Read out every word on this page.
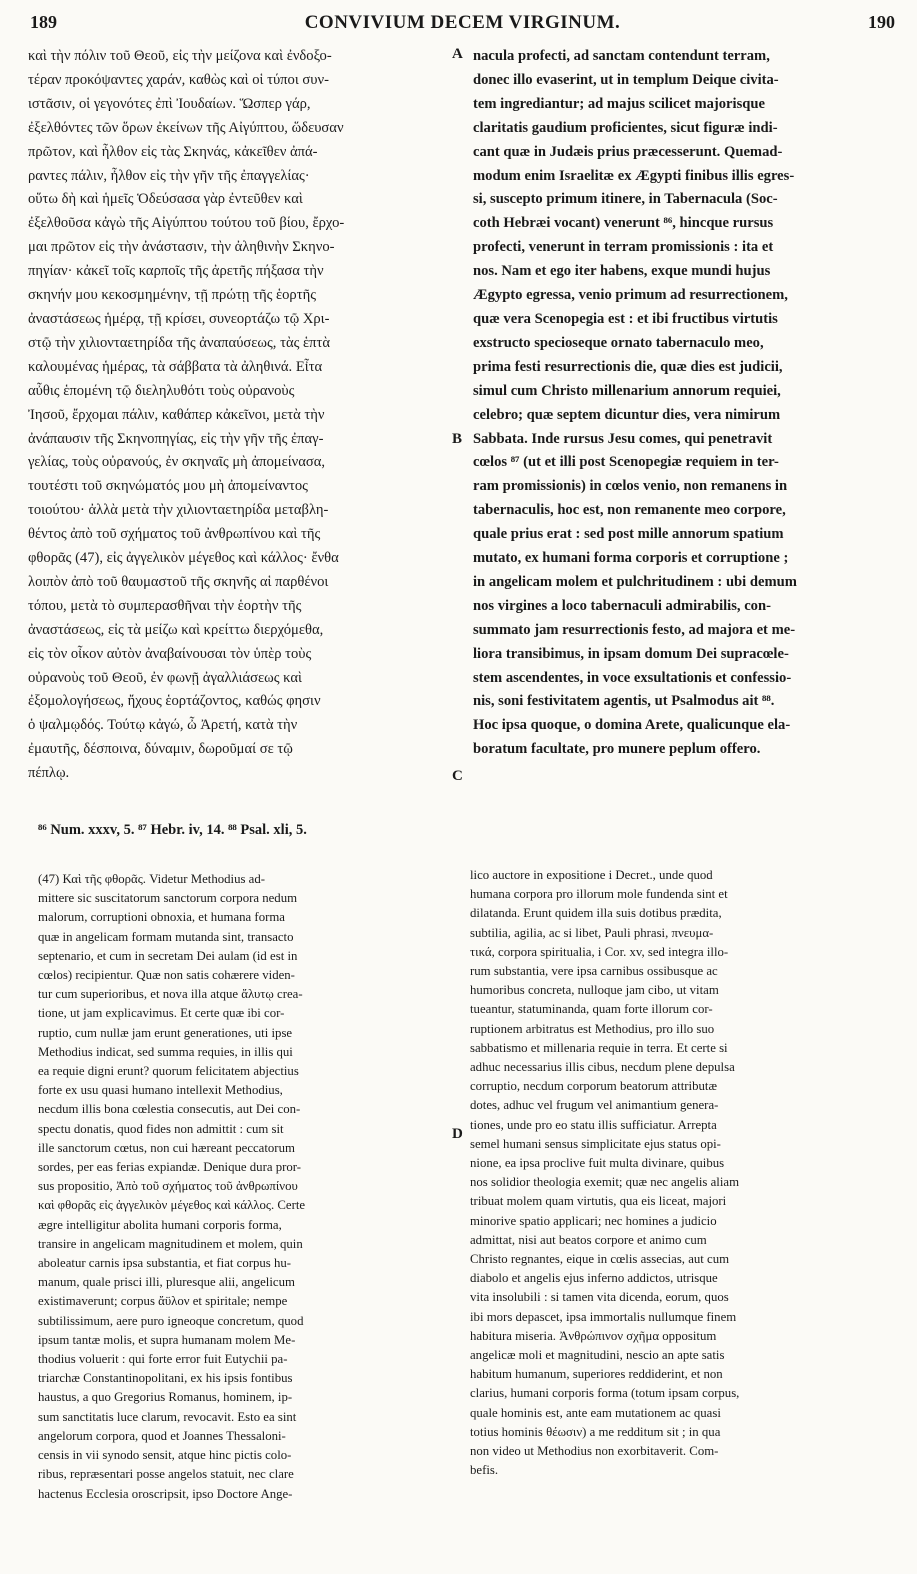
189	CONVIVIUM DECEM VIRGINUM.	190
καὶ τὴν πόλιν τοῦ Θεοῦ, εἰς τὴν μείζονα καὶ ἐνδοξο-
τέραν προκόψαντες χαράν, καθὼς καὶ οἱ τύποι συν-
ιστᾶσιν, οἱ γεγονότες ἐπὶ Ἰουδαίων. Ὥσπερ γάρ,
ἐξελθόντες τῶν ὅρων ἐκείνων τῆς Αἰγύπτου, ὥδευσαν
πρῶτον, καὶ ἦλθον εἰς τὰς Σκηνάς, κἀκεῖθεν ἀπά-
ραντες πάλιν, ἦλθον εἰς τὴν γῆν τῆς ἐπαγγελίας·
οὕτω δὴ καὶ ἡμεῖς Ὁδεύσασα γὰρ ἐντεῦθεν καὶ
ἐξελθοῦσα κἀγὼ τῆς Αἰγύπτου τούτου τοῦ βίου, ἔρχο-
μαι πρῶτον εἰς τὴν ἀνάστασιν, τὴν ἀληθινὴν Σκηνο-
πηγίαν· κἀκεῖ τοῖς καρποῖς τῆς ἀρετῆς πήξασα τὴν
σκηνήν μου κεκοσμημένην, τῇ πρώτῃ τῆς ἑορτῆς
ἀναστάσεως ἡμέρᾳ, τῇ κρίσει, συνεορτάζω τῷ Χρι-
στῷ τὴν χιλιονταετηρίδα τῆς ἀναπαύσεως, τὰς ἑπτὰ
καλουμένας ἡμέρας, τὰ σάββατα τὰ ἀληθινά. Εἶτα
αὖθις ἑπομένη τῷ διεληλυθότι τοὺς οὐρανοὺς
Ἰησοῦ, ἔρχομαι πάλιν, καθάπερ κἀκεῖνοι, μετὰ τὴν
ἀνάπαυσιν τῆς Σκηνοπηγίας, εἰς τὴν γῆν τῆς ἐπαγ-
γελίας, τοὺς οὐρανούς, ἐν σκηναῖς μὴ ἀπομείνασα,
τουτέστι τοῦ σκηνώματός μου μὴ ἀπομείναντος
τοιούτου· ἀλλὰ μετὰ τὴν χιλιονταετηρίδα μεταβλη-
θέντος ἀπὸ τοῦ σχήματος τοῦ ἀνθρωπίνου καὶ τῆς
φθορᾶς (47), εἰς ἀγγελικὸν μέγεθος καὶ κάλλος· ἔνθα
λοιπὸν ἀπὸ τοῦ θαυμαστοῦ τῆς σκηνῆς αἱ παρθένοι
τόπου, μετὰ τὸ συμπερασθῆναι τὴν ἑορτὴν τῆς
ἀναστάσεως, εἰς τὰ μείζω καὶ κρείττω διερχόμεθα,
εἰς τὸν οἶκον αὐτὸν ἀναβαίνουσαι τὸν ὑπὲρ τοὺς
οὐρανοὺς τοῦ Θεοῦ, ἐν φωνῇ ἀγαλλιάσεως καὶ
ἐξομολογήσεως, ἤχους ἑορτάζοντος, καθώς φησιν
ὁ ψαλμῳδός. Τούτῳ κἀγώ, ὦ Ἀρετή, κατὰ τὴν
ἐμαυτῆς, δέσποινα, δύναμιν, δωροῦμαί σε τῷ
πέπλῳ.
nacula profecti, ad sanctam contendunt terram,
donec illo evaserint, ut in templum Deique civita-
tem ingrediantur; ad majus scilicet majorisque
claritatis gaudium proficientes, sicut figuræ indi-
cant quæ in Judæis prius præcesserunt. Quemad-
modum enim Israelitæ ex Ægypti finibus illis egres-
si, suscepto primum itinere, in Tabernacula (Soc-
coth Hebræi vocant) venerunt ⁸⁶, hincque rursus
profecti, venerunt in terram promissionis : ita et
nos. Nam et ego iter habens, exque mundi hujus
Ægypto egressa, venio primum ad resurrectionem,
quæ vera Scenopegia est : et ibi fructibus virtutis
exstructo specioseque ornato tabernaculo meo,
prima festi resurrectionis die, quæ dies est judicii,
simul cum Christo millenarium annorum requiei,
celebro; quæ septem dicuntur dies, vera nimirum
Sabbata. Inde rursus Jesu comes, qui penetravit
cœlos ⁸⁷ (ut et illi post Scenopegiæ requiem in ter-
ram promissionis) in cœlos venio, non remanens in
tabernaculis, hoc est, non remanente meo corpore,
quale prius erat : sed post mille annorum spatium
mutato, ex humani forma corporis et corruptione ;
in angelicam molem et pulchritudinem : ubi demum
nos virgines a loco tabernaculi admirabilis, con-
summato jam resurrectionis festo, ad majora et me-
liora transibimus, in ipsam domum Dei supracœle-
stem ascendentes, in voce exsultationis et confessio-
nis, soni festivitatem agentis, ut Psalmodus ait ⁸⁸.
Hoc ipsa quoque, o domina Arete, qualicunque ela-
boratum facultate, pro munere peplum offero.
A
B
C
D
⁸⁶ Num. xxxv, 5. ⁸⁷ Hebr. iv, 14. ⁸⁸ Psal. xli, 5.
(47) Καὶ τῆς φθορᾶς. Videtur Methodius ad-
mittere sic suscitatorum sanctorum corpora nedum
malorum, corruptioni obnoxia, et humana forma
quæ in angelicam formam mutanda sint, transacto
septenario, et cum in secretam Dei aulam (id est in
cœlos) recipientur. Quæ non satis cohærere viden-
tur cum superioribus, et nova illa atque ἄλυτῳ crea-
tione, ut jam explicavimus. Et certe quæ ibi cor-
ruptio, cum nullæ jam erunt generationes, uti ipse
Methodius indicat, sed summa requies, in illis qui
ea requie digni erunt? quorum felicitatem abjectius
forte ex usu quasi humano intellexit Methodius,
necdum illis bona cœlestia consecutis, aut Dei con-
spectu donatis, quod fides non admittit : cum sit
ille sanctorum cœtus, non cui hæreant peccatorum
sordes, per eas ferias expiandæ. Denique dura pror-
sus propositio, Ἀπὸ τοῦ σχήματος τοῦ ἀνθρωπίνου
καὶ φθορᾶς εἰς ἀγγελικὸν μέγεθος καὶ κάλλος. Certe
ægre intelligitur abolita humani corporis forma,
transire in angelicam magnitudinem et molem, quin
aboleatur carnis ipsa substantia, et fiat corpus hu-
manum, quale prisci illi, pluresque alii, angelicum
existimaverunt; corpus ἄϋλον et spiritale; nempe
subtilissimum, aere puro igneoque concretum, quod
ipsum tantæ molis, et supra humanam molem Me-
thodius voluerit : qui forte error fuit Eutychii pa-
triarchæ Constantinopolitani, ex his ipsis fontibus
haustus, a quo Gregorius Romanus, hominem, ip-
sum sanctitatis luce clarum, revocavit. Esto ea sint
angelorum corpora, quod et Joannes Thessaloni-
censis in vii synodo sensit, atque hinc pictis colo-
ribus, repræsentari posse angelos statuit, nec clare
hactenus Ecclesia oroscripsit, ipso Doctore Ange-
lico auctore in expositione i Decret., unde quod
humana corpora pro illorum mole fundenda sint et
dilatanda. Erunt quidem illa suis dotibus prædita,
subtilia, agilia, ac si libet, Pauli phrasi, πνευμα-
τικά, corpora spiritualia, i Cor. xv, sed integra illo-
rum substantia, vere ipsa carnibus ossibusque ac
humoribus concreta, nulloque jam cibo, ut vitam
tueantur, statuminanda, quam forte illorum cor-
ruptionem arbitratus est Methodius, pro illo suo
sabbatismo et millenaria requie in terra. Et certe si
adhuc necessarius illis cibus, necdum plene depulsa
corruptio, necdum corporum beatorum attributæ
dotes, adhuc vel frugum vel animantium genera-
tiones, unde pro eo statu illis sufficiatur. Arrepta
semel humani sensus simplicitate ejus status opi-
nione, ea ipsa proclive fuit multa divinare, quibus
nos solidior theologia exemit; quæ nec angelis aliam
tribuat molem quam virtutis, qua eis liceat, majori
minorive spatio applicari; nec homines a judicio
admittat, nisi aut beatos corpore et animo cum
Christo regnantes, eique in cœlis assecias, aut cum
diabolo et angelis ejus inferno addictos, utrisque
vita insolubili : si tamen vita dicenda, eorum, quos
ibi mors depascet, ipsa immortalis nullumque finem
habitura miseria. Ἀνθρώπινον σχῆμα oppositum
angelicæ moli et magnitudini, nescio an apte satis
habitum humanum, superiores reddiderint, et non
clarius, humani corporis forma (totum ipsam corpus,
quale hominis est, ante eam mutationem ac quasi
totius hominis θέωσιν) a me redditum sit ; in qua
non video ut Methodius non exorbitaverit. Com-
befis.
